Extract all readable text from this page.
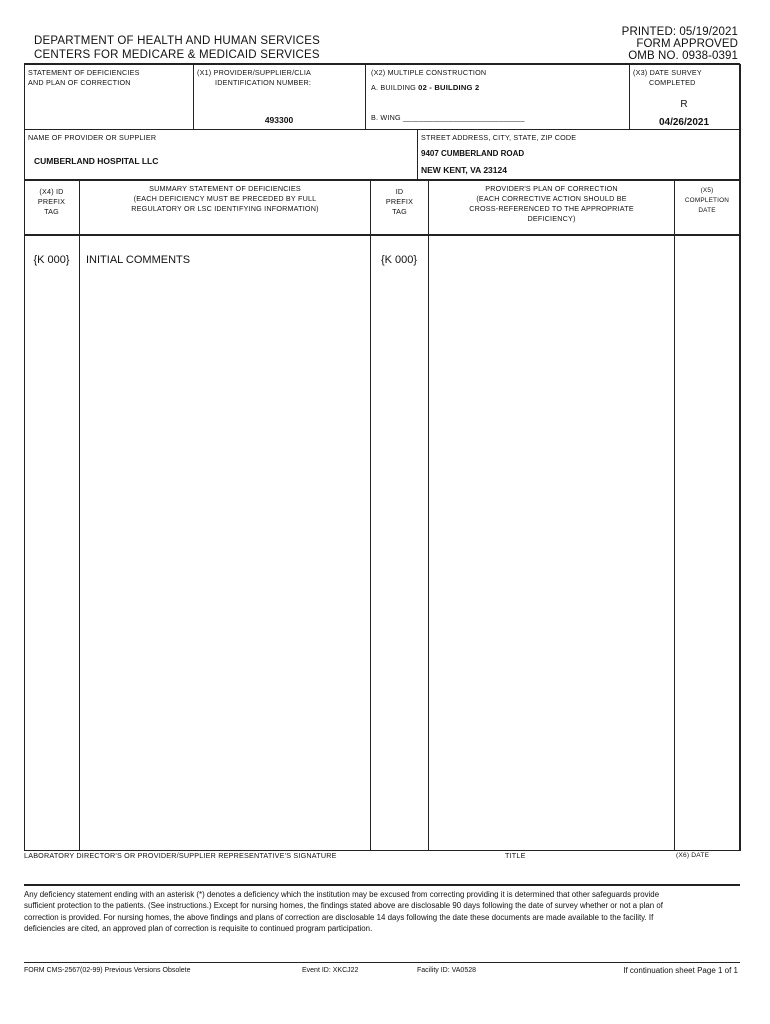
DEPARTMENT OF HEALTH AND HUMAN SERVICES
CENTERS FOR MEDICARE & MEDICAID SERVICES
PRINTED: 05/19/2021
FORM APPROVED
OMB NO. 0938-0391
STATEMENT OF DEFICIENCIES
AND PLAN OF CORRECTION
(X1) PROVIDER/SUPPLIER/CLIA
IDENTIFICATION NUMBER:
493300
(X2) MULTIPLE CONSTRUCTION
A. BUILDING 02 - BUILDING 2
B. WING _____________________________
(X3) DATE SURVEY
COMPLETED
R
04/26/2021
NAME OF PROVIDER OR SUPPLIER
CUMBERLAND HOSPITAL LLC
STREET ADDRESS, CITY, STATE, ZIP CODE
9407 CUMBERLAND ROAD
NEW KENT, VA 23124
(X4) ID
PREFIX
TAG
SUMMARY STATEMENT OF DEFICIENCIES
(EACH DEFICIENCY MUST BE PRECEDED BY FULL
REGULATORY OR LSC IDENTIFYING INFORMATION)
ID
PREFIX
TAG
PROVIDER'S PLAN OF CORRECTION
(EACH CORRECTIVE ACTION SHOULD BE
CROSS-REFERENCED TO THE APPROPRIATE
DEFICIENCY)
(X5)
COMPLETION
DATE
{K 000}	INITIAL COMMENTS	{K 000}
LABORATORY DIRECTOR'S OR PROVIDER/SUPPLIER REPRESENTATIVE'S SIGNATURE	TITLE	(X6) DATE
Any deficiency statement ending with an asterisk (*) denotes a deficiency which the institution may be excused from correcting providing it is determined that other safeguards provide sufficient protection to the patients. (See instructions.) Except for nursing homes, the findings stated above are disclosable 90 days following the date of survey whether or not a plan of correction is provided. For nursing homes, the above findings and plans of correction are disclosable 14 days following the date these documents are made available to the facility. If deficiencies are cited, an approved plan of correction is requisite to continued program participation.
FORM CMS-2567(02-99) Previous Versions Obsolete	Event ID: XKCJ22	Facility ID: VA0528	If continuation sheet Page 1 of 1
